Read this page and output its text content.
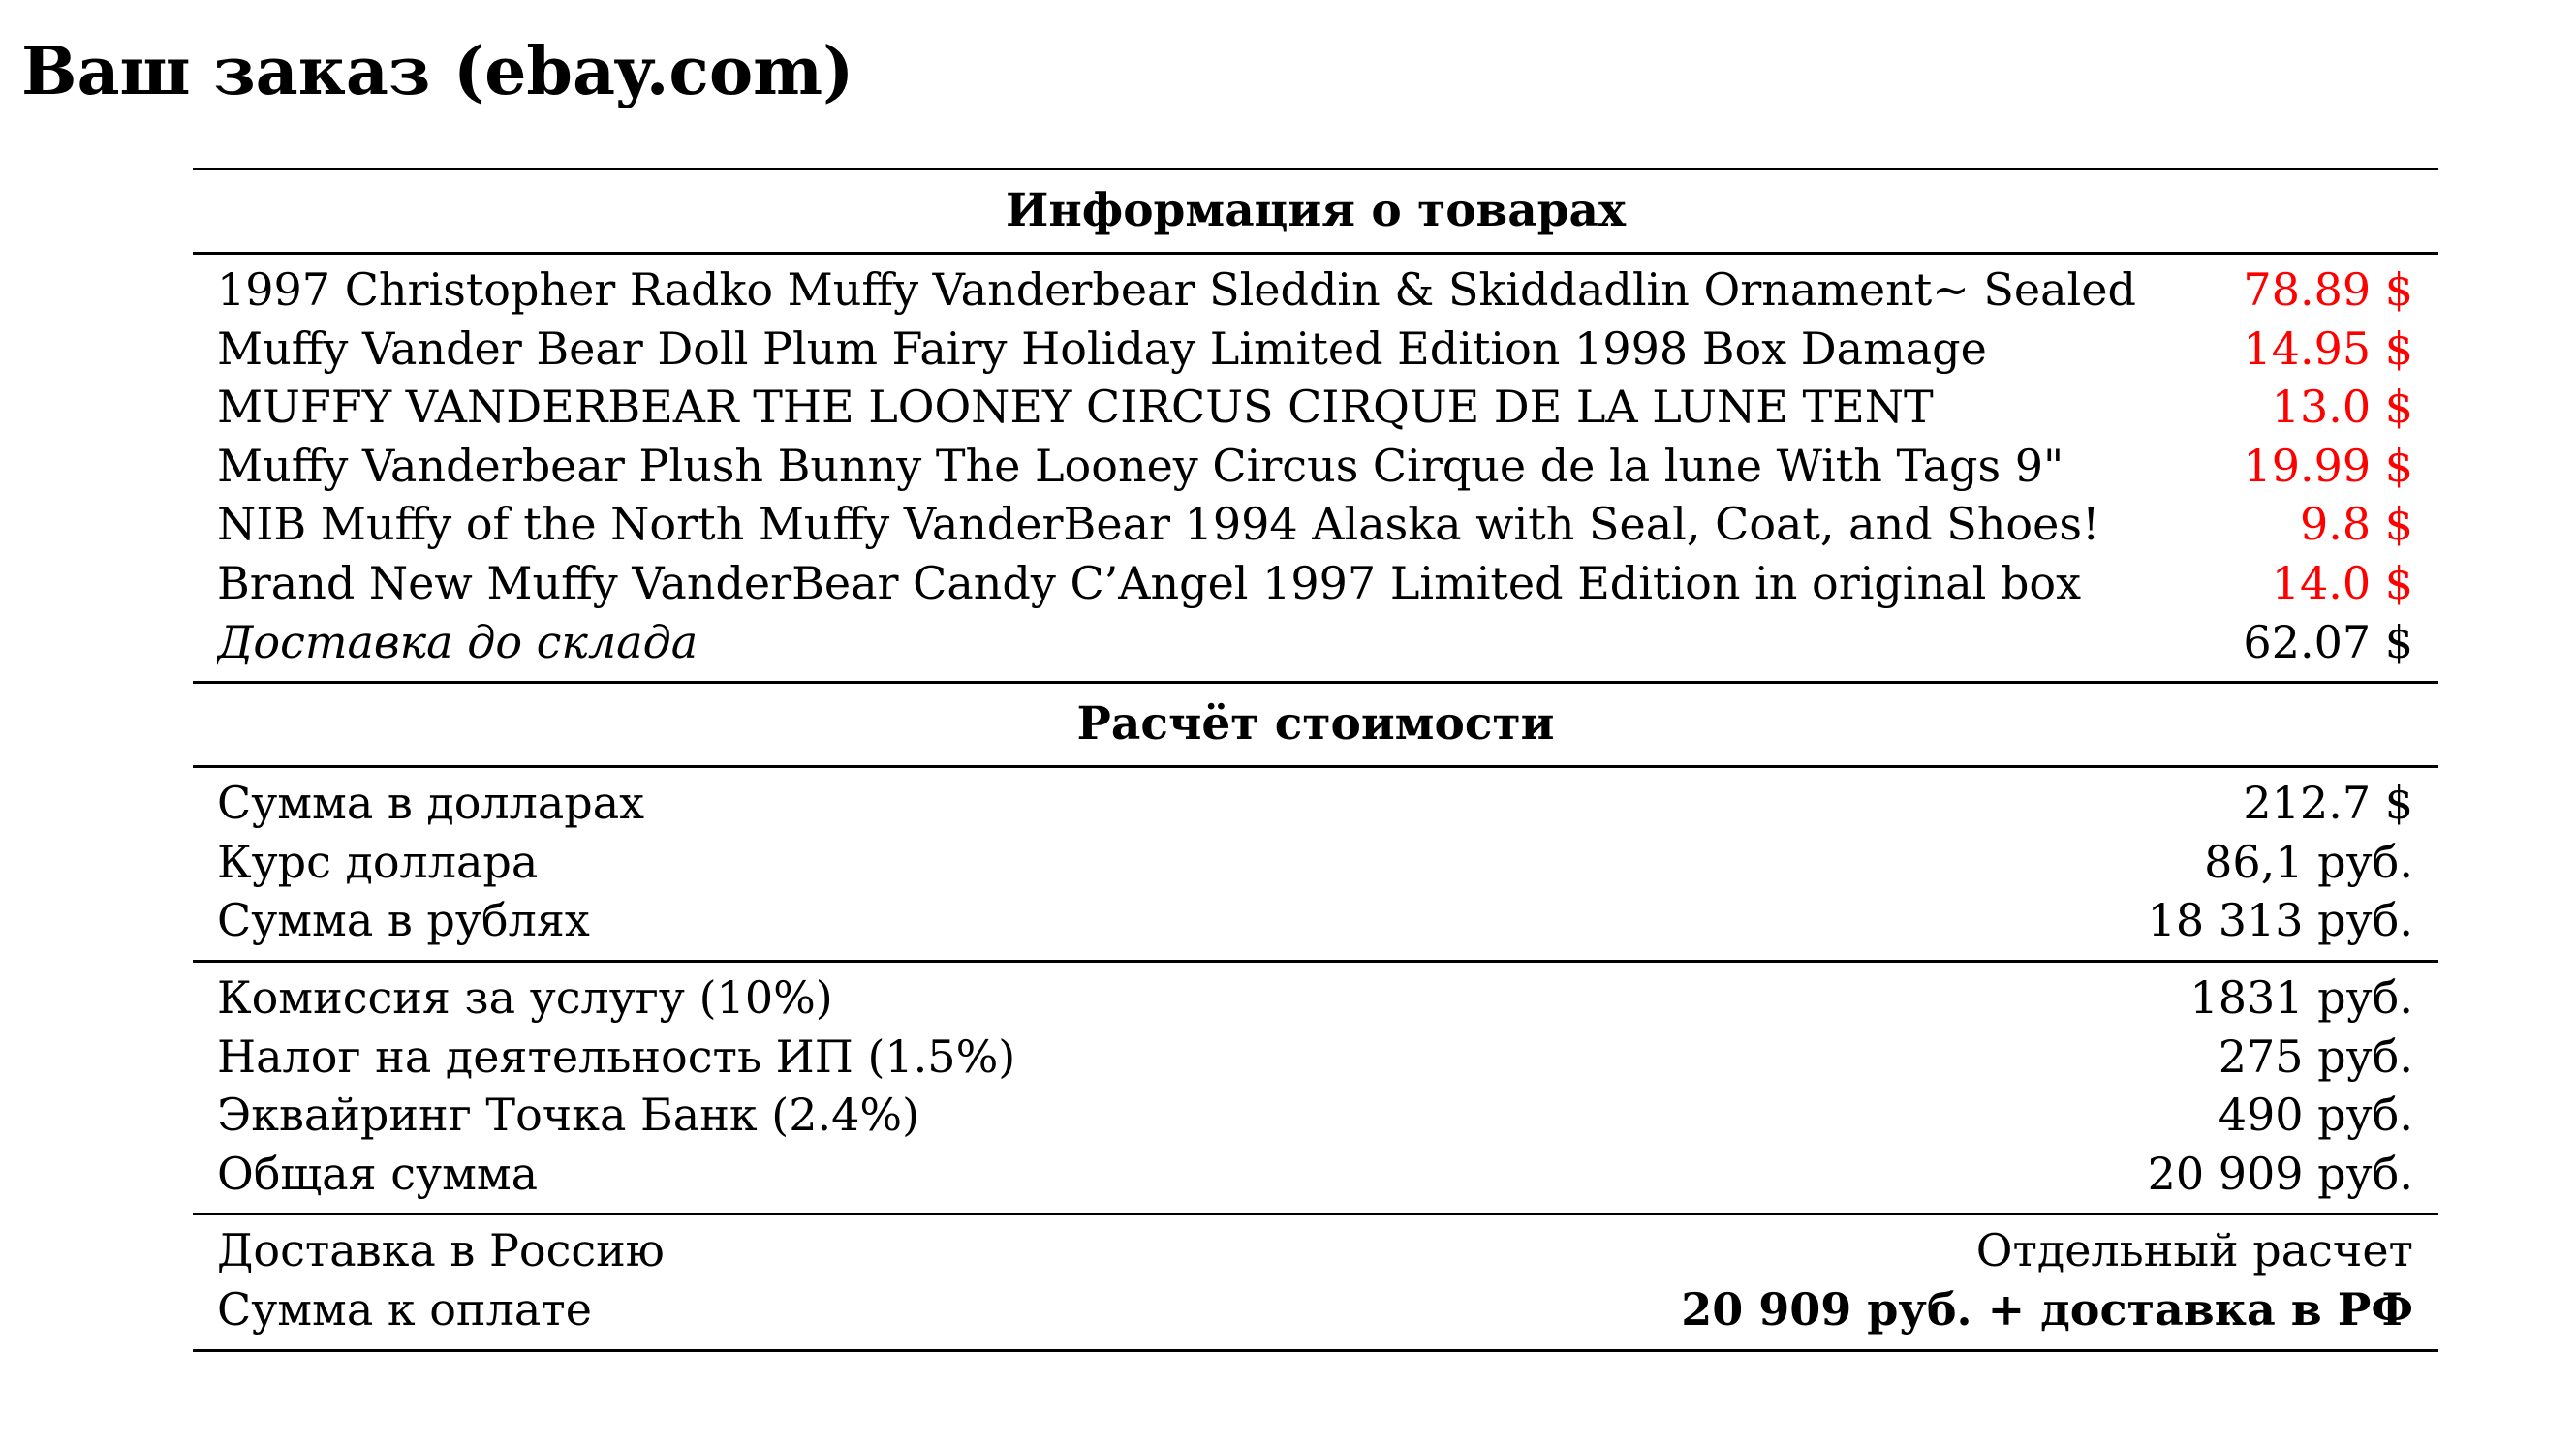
Ваш заказ (ebay.com)
Информация о товарах
1997 Christopher Radko Muffy Vanderbear Sleddin & Skiddadlin Ornament~ Sealed	78.89 $
Muffy Vander Bear Doll Plum Fairy Holiday Limited Edition 1998 Box Damage	14.95 $
MUFFY VANDERBEAR THE LOONEY CIRCUS CIRQUE DE LA LUNE TENT	13.0 $
Muffy Vanderbear Plush Bunny The Looney Circus Cirque de la lune With Tags 9"	19.99 $
NIB Muffy of the North Muffy VanderBear 1994 Alaska with Seal, Coat, and Shoes!	9.8 $
Brand New Muffy VanderBear Candy C’Angel 1997 Limited Edition in original box	14.0 $
Доставка до склада	62.07 $
Расчёт стоимости
Сумма в долларах	212.7 $
Курс доллара	86,1 руб.
Сумма в рублях	18 313 руб.
Комиссия за услугу (10%)	1831 руб.
Налог на деятельность ИП (1.5%)	275 руб.
Эквайринг Точка Банк (2.4%)	490 руб.
Общая сумма	20 909 руб.
Доставка в Россию	Отдельный расчет
Сумма к оплате	20 909 руб. + доставка в РФ
